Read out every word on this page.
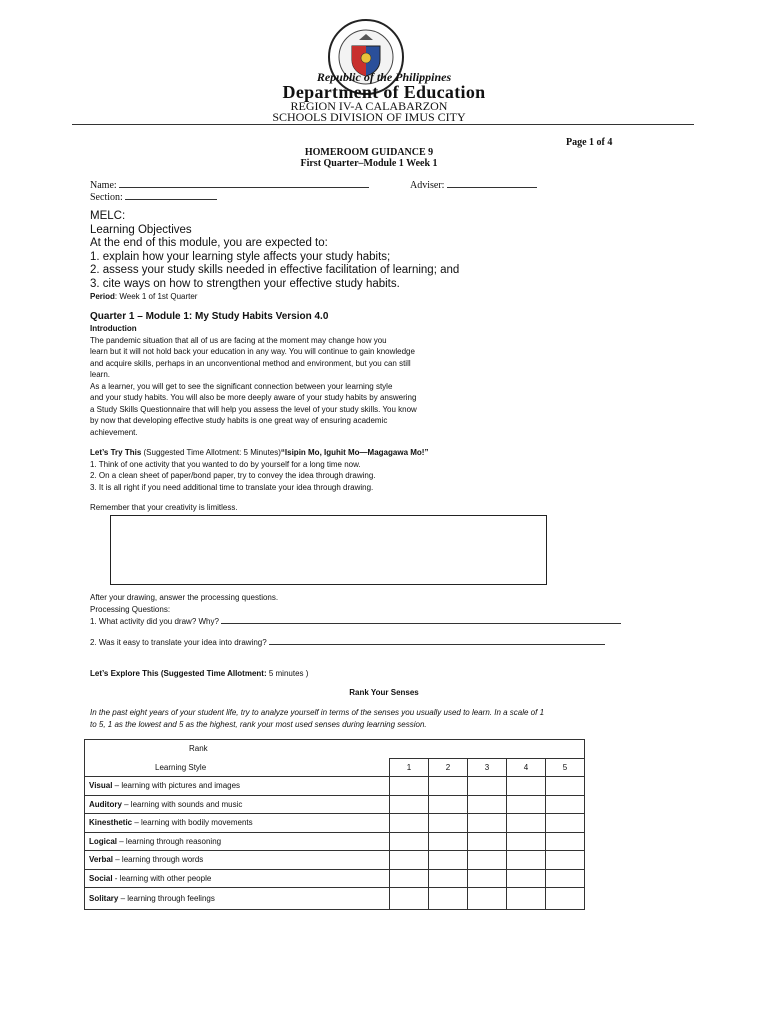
Republic of the Philippines
Department of Education
REGION IV-A CALABARZON
SCHOOLS DIVISION OF IMUS CITY
Page 1 of 4
HOMEROOM GUIDANCE 9
First Quarter–Module 1 Week 1
Name:	Adviser:
Section:
MELC:
Learning Objectives
At the end of this module, you are expected to:
1. explain how your learning style affects your study habits;
2. assess your study skills needed in effective facilitation of learning; and
3. cite ways on how to strengthen your effective study habits.
Period: Week 1 of 1st Quarter
Quarter 1 – Module 1: My Study Habits Version 4.0
Introduction
The pandemic situation that all of us are facing at the moment may change how you
learn but it will not hold back your education in any way. You will continue to gain knowledge
and acquire skills, perhaps in an unconventional method and environment, but you can still
learn.
As a learner, you will get to see the significant connection between your learning style
and your study habits. You will also be more deeply aware of your study habits by answering
a Study Skills Questionnaire that will help you assess the level of your study skills. You know
by now that developing effective study habits is one great way of ensuring academic
achievement.
Let’s Try This (Suggested Time Allotment: 5 Minutes)“Isipin Mo, Iguhit Mo—Magagawa Mo!”
1. Think of one activity that you wanted to do by yourself for a long time now.
2. On a clean sheet of paper/bond paper, try to convey the idea through drawing.
3. It is all right if you need additional time to translate your idea through drawing.
Remember that your creativity is limitless.
After your drawing, answer the processing questions.
Processing Questions:
1. What activity did you draw? Why?
2. Was it easy to translate your idea into drawing?
Let’s Explore This (Suggested Time Allotment: 5 minutes )
Rank Your Senses
In the past eight years of your student life, try to analyze yourself in terms of the senses you usually used to learn. In a scale of 1
to 5, 1 as the lowest and 5 as the highest, rank your most used senses during learning session.
Rank					
Learning Style	1	2	3	4	5
Visual – learning with pictures and images					
Auditory – learning with sounds and music					
Kinesthetic – learning with bodily movements					
Logical – learning through reasoning					
Verbal – learning through words					
Social - learning with other people					
Solitary – learning through feelings					
